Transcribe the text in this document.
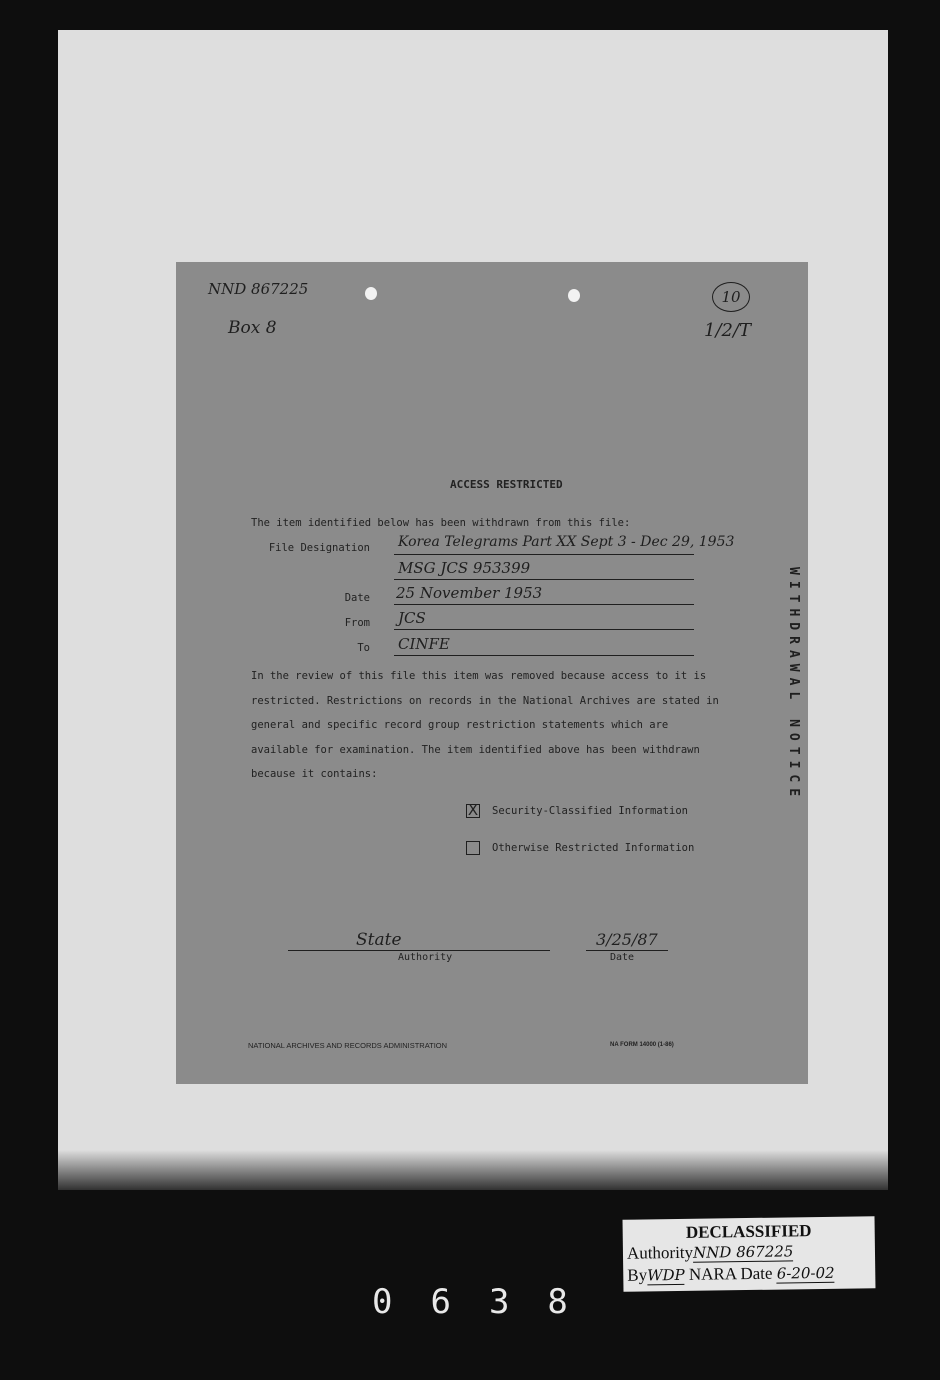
NND 867225
Box 8
10
1/2/T
ACCESS RESTRICTED
The item identified below has been withdrawn from this file:
File Designation Korea Telegrams Part XX Sept 3 - Dec 29, 1953
MSG JCS 953399
Date 25 November 1953
From JCS
To CINFE
In the review of this file this item was removed because access to it is restricted. Restrictions on records in the National Archives are stated in general and specific record group restriction statements which are available for examination. The item identified above has been withdrawn because it contains:
X Security-Classified Information
Otherwise Restricted Information
State
Authority
3/25/87
Date
NATIONAL ARCHIVES AND RECORDS ADMINISTRATION	NA FORM 14000 (1-86)
WITHDRAWAL NOTICE
DECLASSIFIED
AuthorityNND 867225
ByWDP NARA Date 6-20-02
0638
